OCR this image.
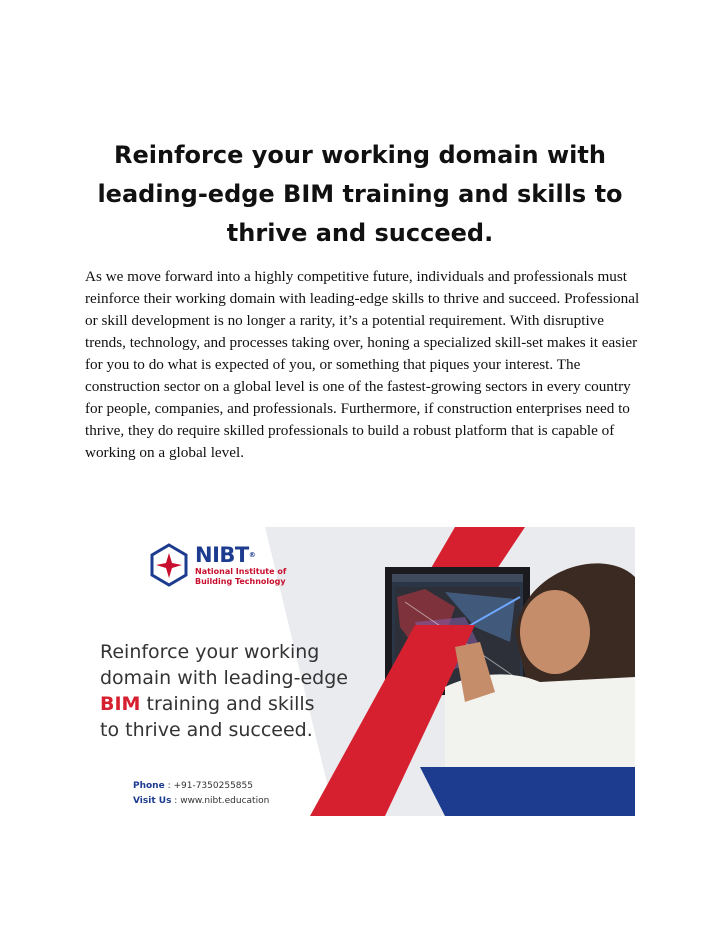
Reinforce your working domain with leading-edge BIM training and skills to thrive and succeed.

As we move forward into a highly competitive future, individuals and professionals must reinforce their working domain with leading-edge skills to thrive and succeed. Professional or skill development is no longer a rarity, it’s a potential requirement. With disruptive trends, technology, and processes taking over, honing a specialized skill-set makes it easier for you to do what is expected of you, or something that piques your interest. The construction sector on a global level is one of the fastest-growing sectors in every country for people, companies, and professionals. Furthermore, if construction enterprises need to thrive, they do require skilled professionals to build a robust platform that is capable of working on a global level.

NIBT®
National Institute of Building Technology
Reinforce your working
domain with leading-edge
BIM training and skills
to thrive and succeed.
Phone : +91-7350255855
Visit Us : www.nibt.education
